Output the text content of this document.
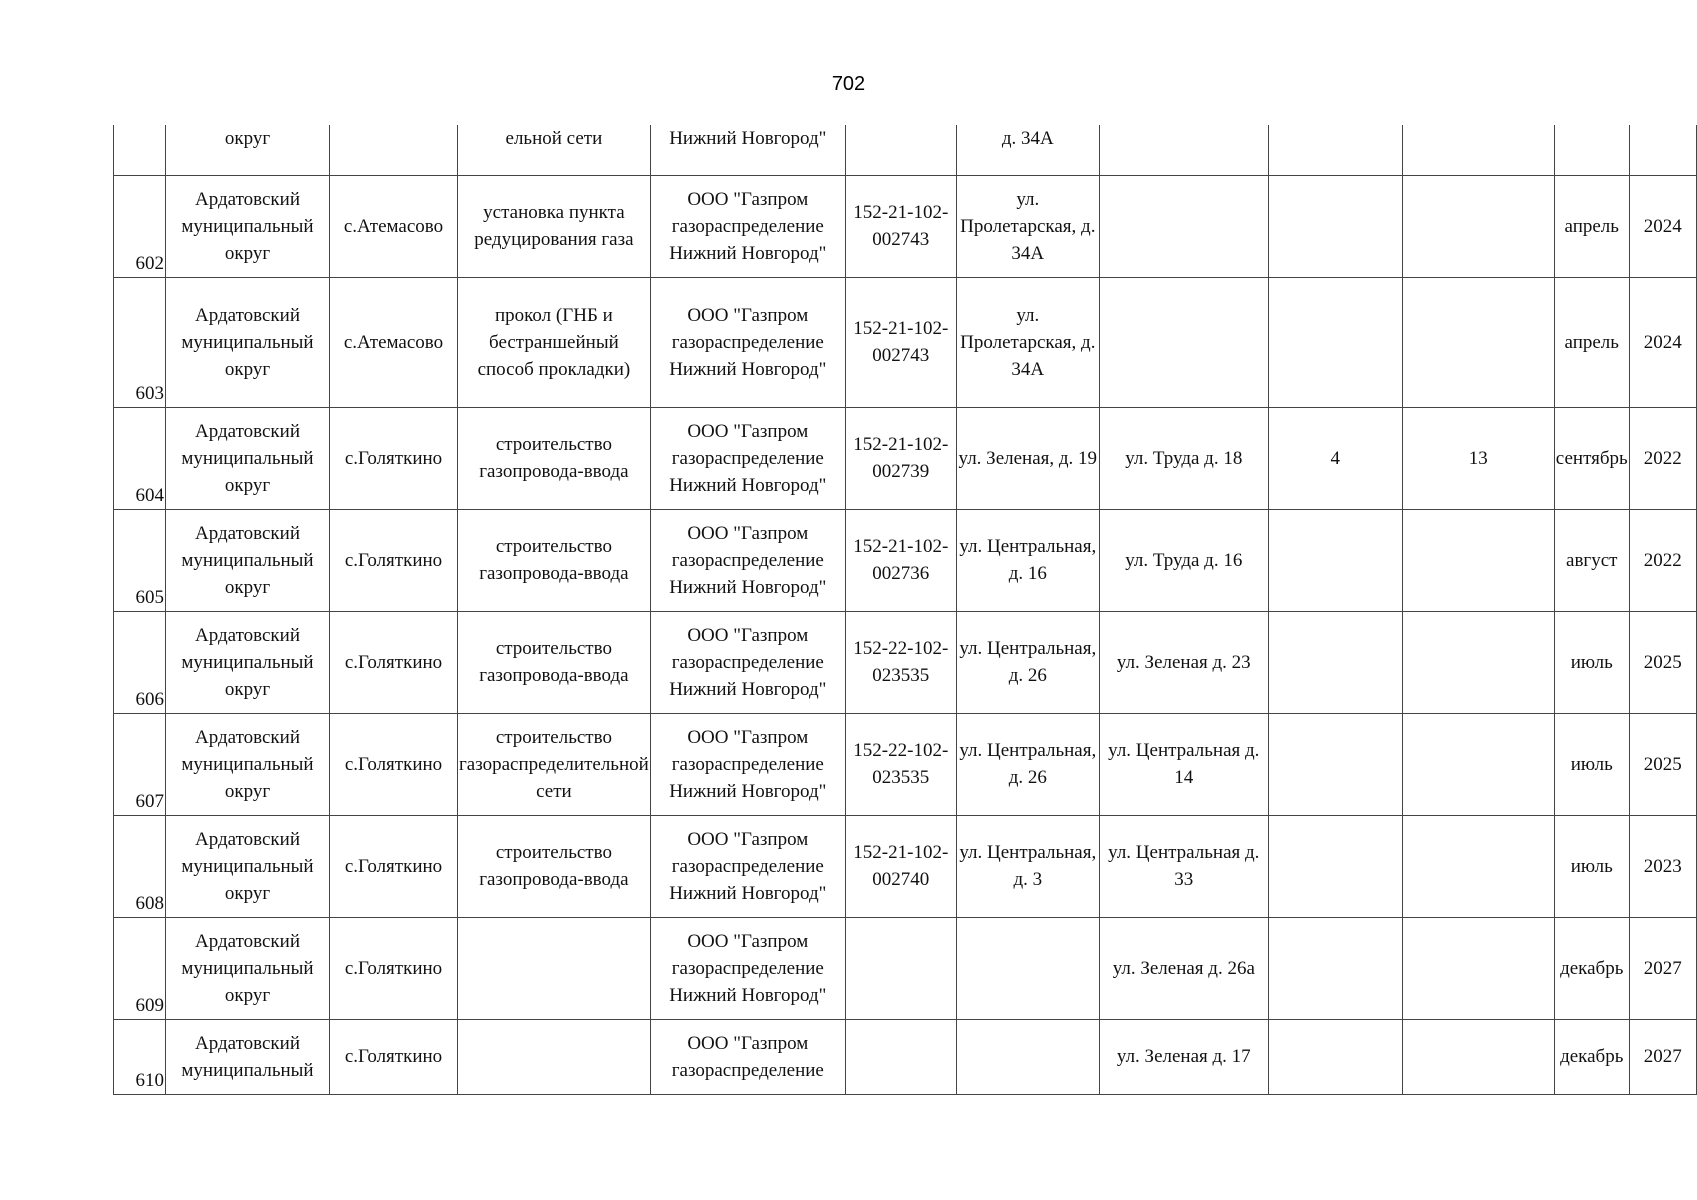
702
	округ		ельной сети	Нижний Новгород"		д. 34А					
602	Ардатовский муниципальный округ	с.Атемасово	установка пункта редуцирования газа	ООО "Газпром газораспределение Нижний Новгород"	152-21-102-002743	ул. Пролетарская, д. 34А				апрель	2024
603	Ардатовский муниципальный округ	с.Атемасово	прокол (ГНБ и бестраншейный способ прокладки)	ООО "Газпром газораспределение Нижний Новгород"	152-21-102-002743	ул. Пролетарская, д. 34А				апрель	2024
604	Ардатовский муниципальный округ	с.Голяткино	строительство газопровода-ввода	ООО "Газпром газораспределение Нижний Новгород"	152-21-102-002739	ул. Зеленая, д. 19	ул. Труда д. 18	4	13	сентябрь	2022
605	Ардатовский муниципальный округ	с.Голяткино	строительство газопровода-ввода	ООО "Газпром газораспределение Нижний Новгород"	152-21-102-002736	ул. Центральная, д. 16	ул. Труда д. 16			август	2022
606	Ардатовский муниципальный округ	с.Голяткино	строительство газопровода-ввода	ООО "Газпром газораспределение Нижний Новгород"	152-22-102-023535	ул. Центральная, д. 26	ул. Зеленая д. 23			июль	2025
607	Ардатовский муниципальный округ	с.Голяткино	строительство газораспределительной сети	ООО "Газпром газораспределение Нижний Новгород"	152-22-102-023535	ул. Центральная, д. 26	ул. Центральная д. 14			июль	2025
608	Ардатовский муниципальный округ	с.Голяткино	строительство газопровода-ввода	ООО "Газпром газораспределение Нижний Новгород"	152-21-102-002740	ул. Центральная, д. 3	ул. Центральная д. 33			июль	2023
609	Ардатовский муниципальный округ	с.Голяткино		ООО "Газпром газораспределение Нижний Новгород"			ул. Зеленая д. 26а			декабрь	2027
610	Ардатовский муниципальный	с.Голяткино		ООО "Газпром газораспределение			ул. Зеленая д. 17			декабрь	2027
